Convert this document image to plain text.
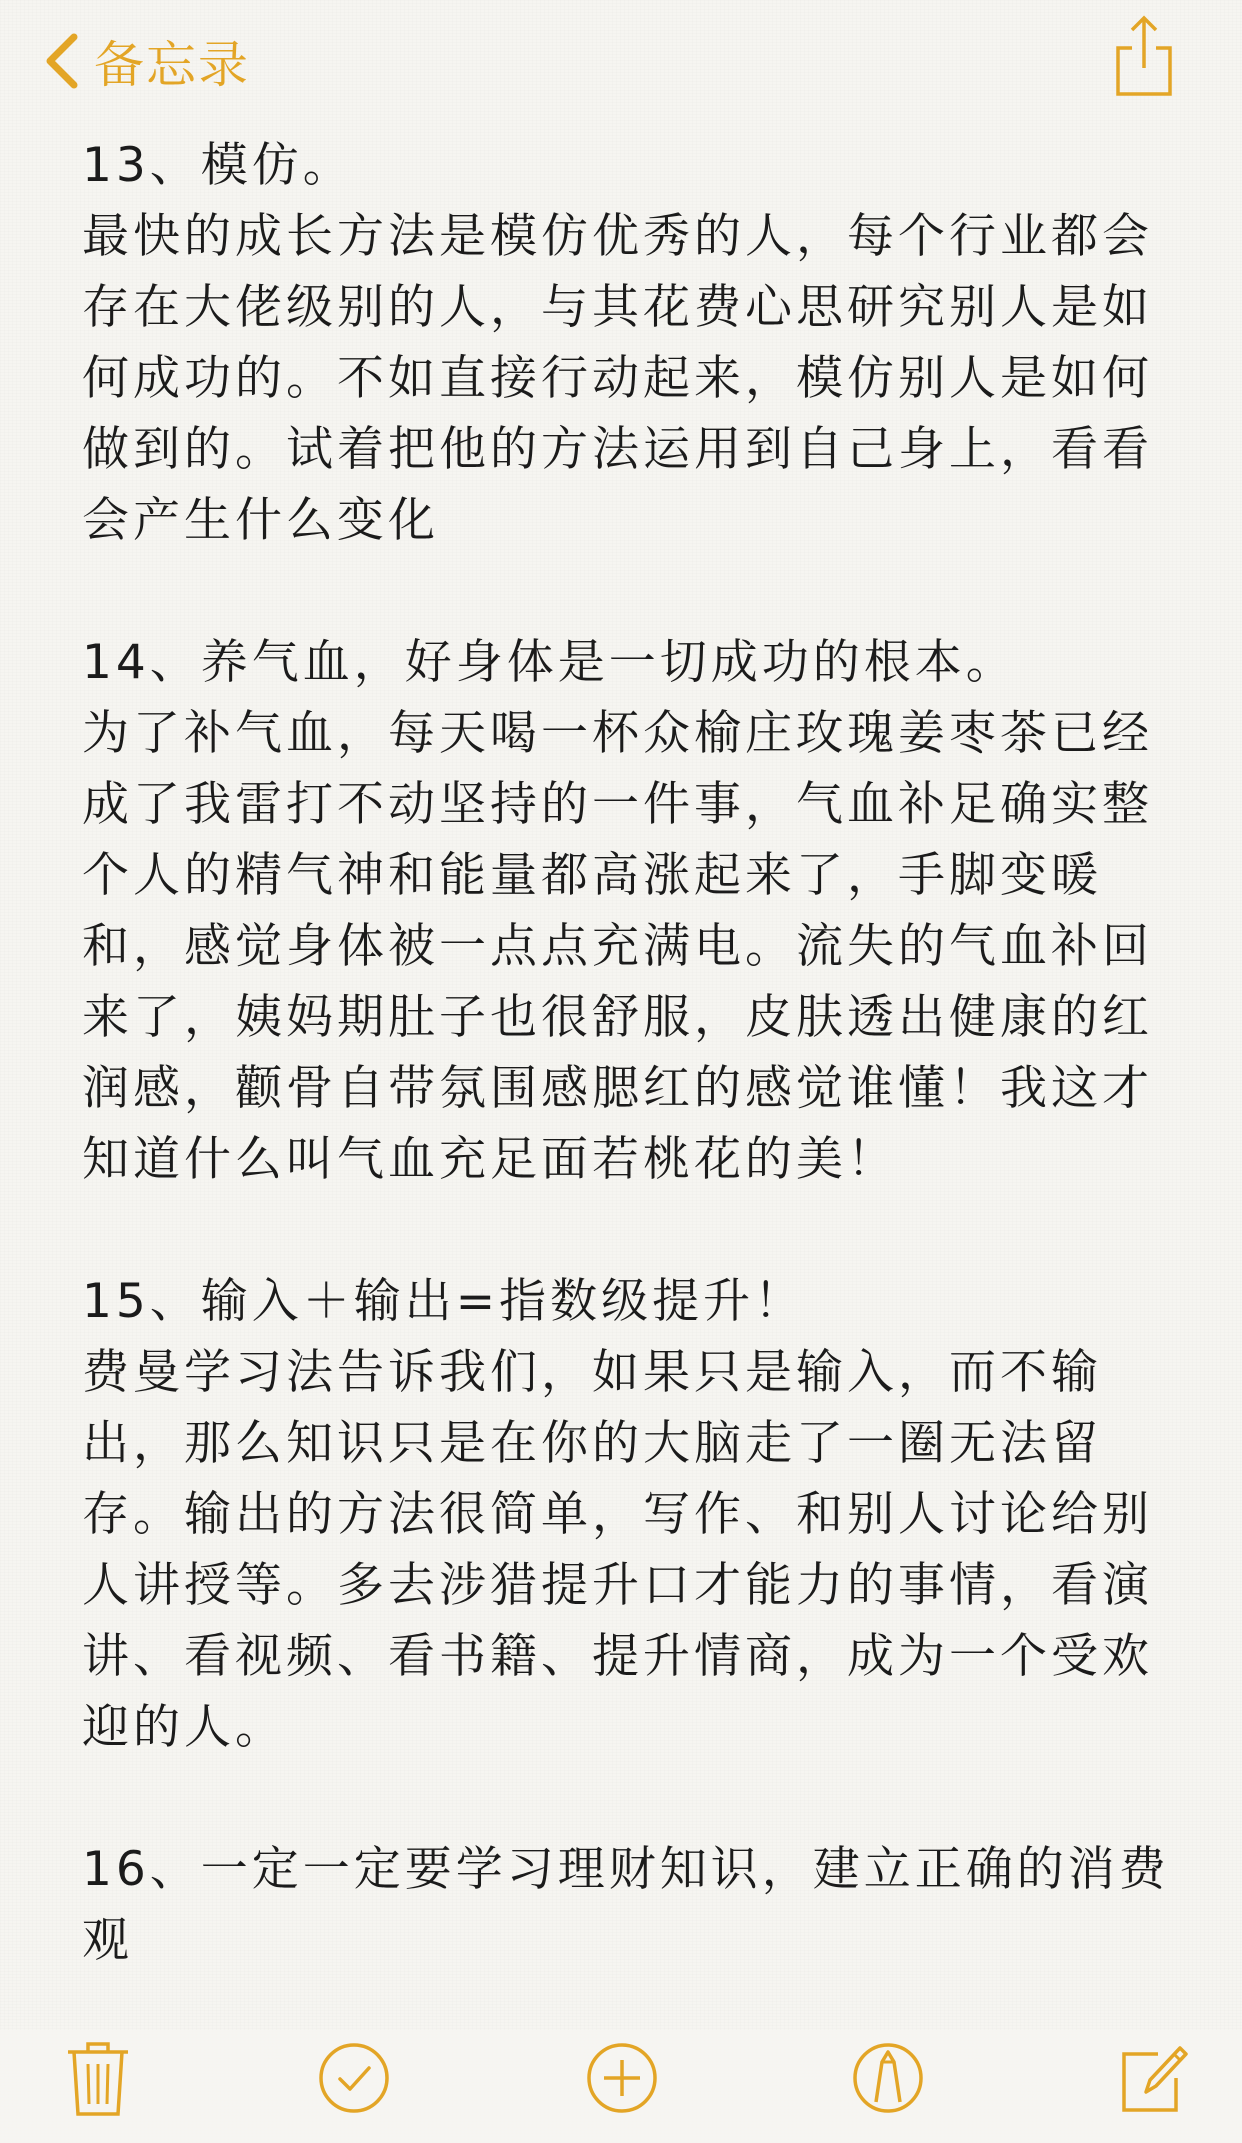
备忘录
13、模仿。
最快的成长方法是模仿优秀的人，每个行业都会存在大佬级别的人，与其花费心思研究别人是如何成功的。不如直接行动起来，模仿别人是如何做到的。试着把他的方法运用到自己身上，看看会产生什么变化
14、养气血，好身体是一切成功的根本。
为了补气血，每天喝一杯众榆庄玫瑰姜枣茶已经成了我雷打不动坚持的一件事，气血补足确实整个人的精气神和能量都高涨起来了，手脚变暖和，感觉身体被一点点充满电。流失的气血补回来了，姨妈期肚子也很舒服，皮肤透出健康的红润感，颧骨自带氛围感腮红的感觉谁懂！我这才知道什么叫气血充足面若桃花的美！
15、输入＋输出=指数级提升！
费曼学习法告诉我们，如果只是输入，而不输出，那么知识只是在你的大脑走了一圈无法留存。输出的方法很简单，写作、和别人讨论给别人讲授等。多去涉猎提升口才能力的事情，看演讲、看视频、看书籍、提升情商，成为一个受欢迎的人。
16、一定一定要学习理财知识，建立正确的消费观
